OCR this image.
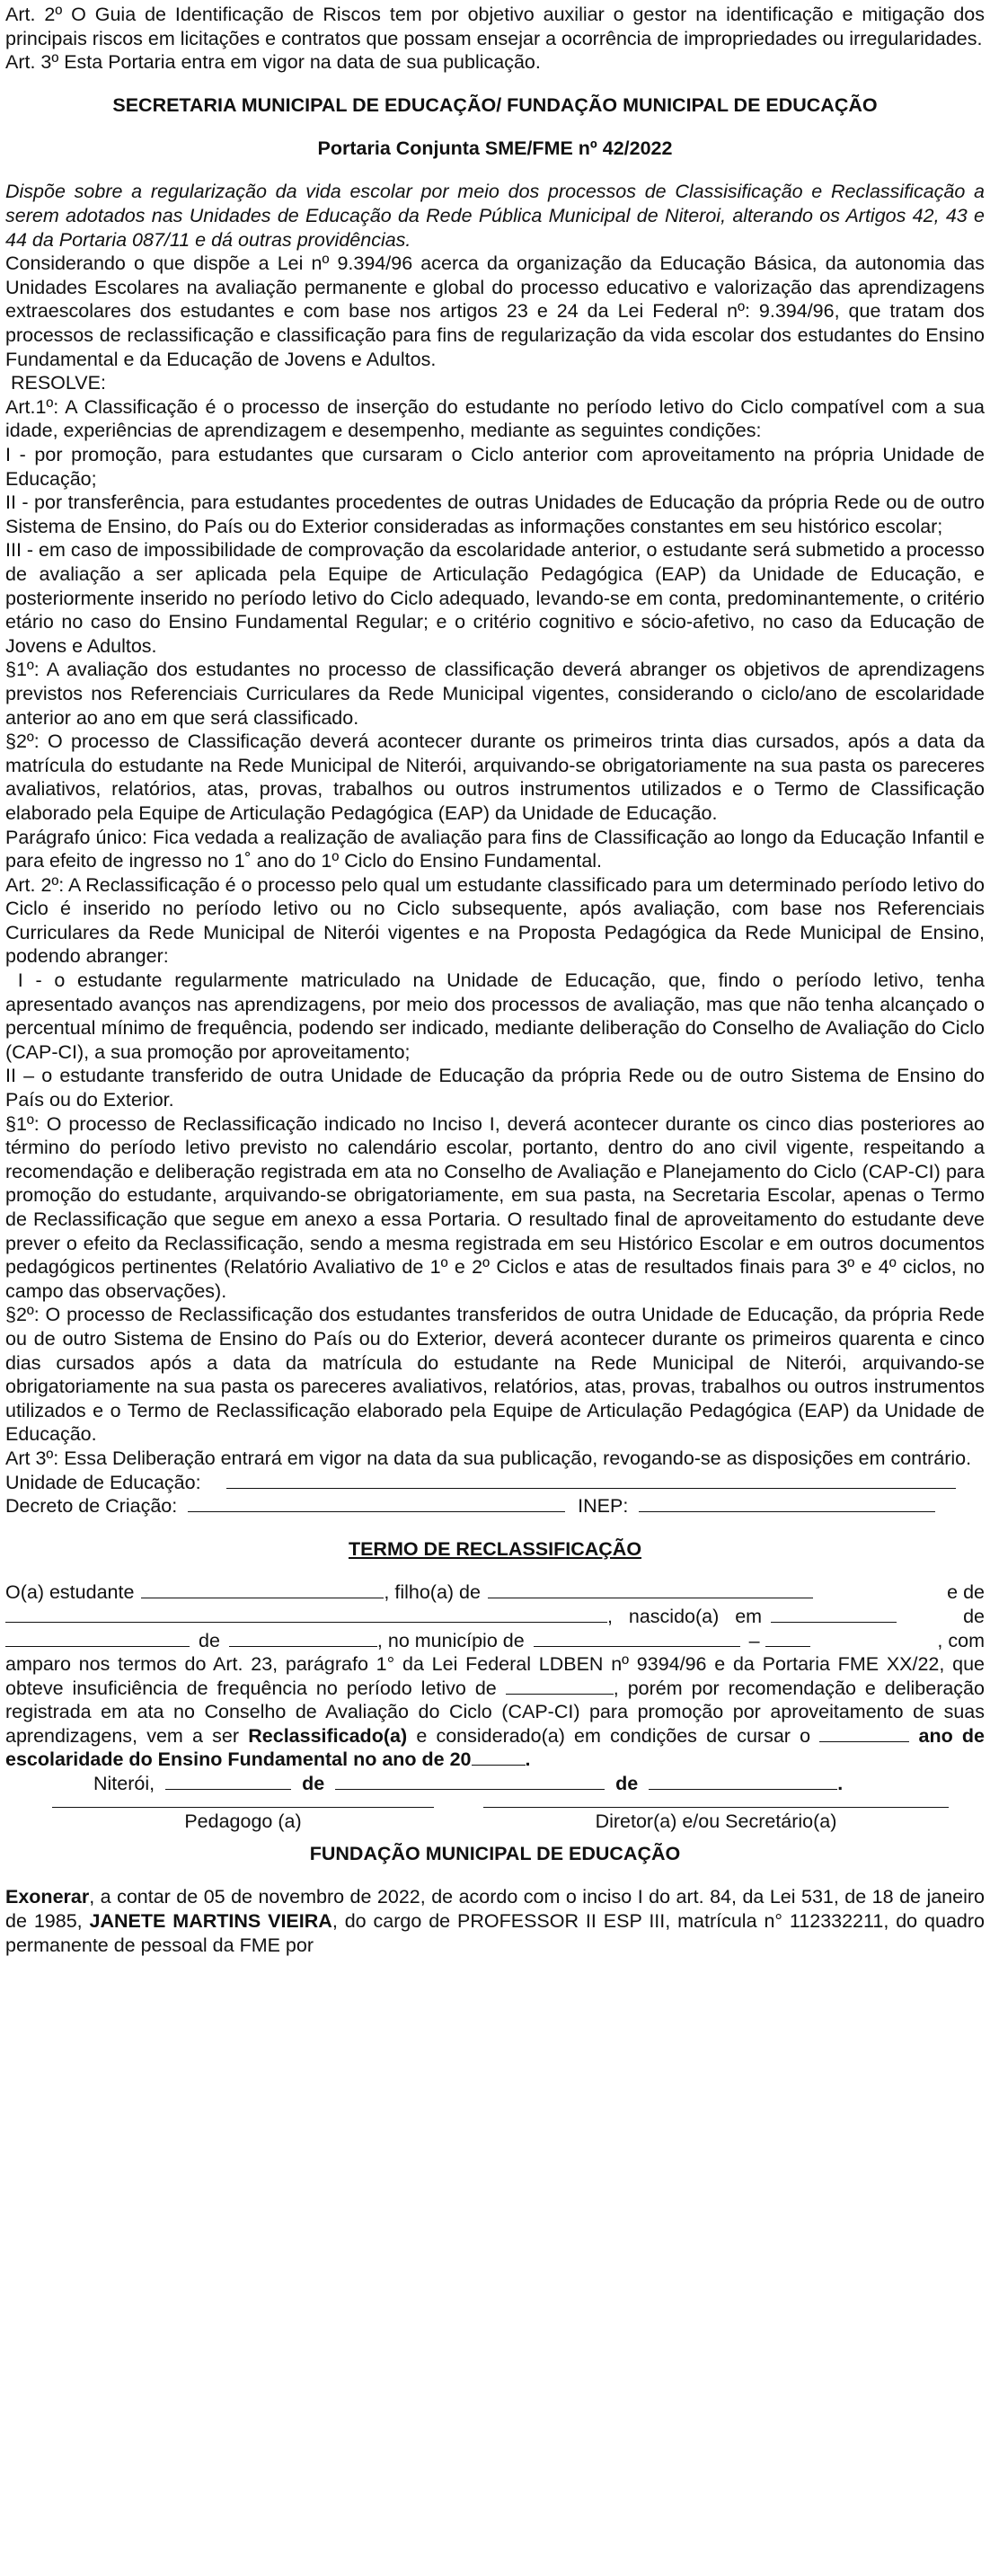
Art. 2º O Guia de Identificação de Riscos tem por objetivo auxiliar o gestor na identificação e mitigação dos principais riscos em licitações e contratos que possam ensejar a ocorrência de impropriedades ou irregularidades.

Art. 3º Esta Portaria entra em vigor na data de sua publicação.

SECRETARIA MUNICIPAL DE EDUCAÇÃO/ FUNDAÇÃO MUNICIPAL DE EDUCAÇÃO

Portaria Conjunta SME/FME nº 42/2022

Dispõe sobre a regularização da vida escolar por meio dos processos de Classisificação e Reclassificação a serem adotados nas Unidades de Educação da Rede Pública Municipal de Niteroi, alterando os Artigos 42, 43 e 44 da Portaria 087/11 e dá outras providências.

Considerando o que dispõe a Lei nº 9.394/96 acerca da organização da Educação Básica, da autonomia das Unidades Escolares na avaliação permanente e global do processo educativo e valorização das aprendizagens extraescolares dos estudantes e com base nos artigos 23 e 24 da Lei Federal nº: 9.394/96, que tratam dos processos de reclassificação e classificação para fins de regularização da vida escolar dos estudantes do Ensino Fundamental e da Educação de Jovens e Adultos.

RESOLVE:

Art.1º: A Classificação é o processo de inserção do estudante no período letivo do Ciclo compatível com a sua idade, experiências de aprendizagem e desempenho, mediante as seguintes condições:

I - por promoção, para estudantes que cursaram o Ciclo anterior com aproveitamento na própria Unidade de Educação;

II - por transferência, para estudantes procedentes de outras Unidades de Educação da própria Rede ou de outro Sistema de Ensino, do País ou do Exterior consideradas as informações constantes em seu histórico escolar;

III - em caso de impossibilidade de comprovação da escolaridade anterior, o estudante será submetido a processo de avaliação a ser aplicada pela Equipe de Articulação Pedagógica (EAP) da Unidade de Educação, e posteriormente inserido no período letivo do Ciclo adequado, levando-se em conta, predominantemente, o critério etário no caso do Ensino Fundamental Regular; e o critério cognitivo e sócio-afetivo, no caso da Educação de Jovens e Adultos.

§1º: A avaliação dos estudantes no processo de classificação deverá abranger os objetivos de aprendizagens previstos nos Referenciais Curriculares da Rede Municipal vigentes, considerando o ciclo/ano de escolaridade anterior ao ano em que será classificado.

§2º: O processo de Classificação deverá acontecer durante os primeiros trinta dias cursados, após a data da matrícula do estudante na Rede Municipal de Niterói, arquivando-se obrigatoriamente na sua pasta os pareceres avaliativos, relatórios, atas, provas, trabalhos ou outros instrumentos utilizados e o Termo de Classificação elaborado pela Equipe de Articulação Pedagógica (EAP) da Unidade de Educação.

Parágrafo único: Fica vedada a realização de avaliação para fins de Classificação ao longo da Educação Infantil e para efeito de ingresso no 1˚ ano do 1º Ciclo do Ensino Fundamental.

Art. 2º: A Reclassificação é o processo pelo qual um estudante classificado para um determinado período letivo do Ciclo é inserido no período letivo ou no Ciclo subsequente, após avaliação, com base nos Referenciais Curriculares da Rede Municipal de Niterói vigentes e na Proposta Pedagógica da Rede Municipal de Ensino, podendo abranger:

I - o estudante regularmente matriculado na Unidade de Educação, que, findo o período letivo, tenha apresentado avanços nas aprendizagens, por meio dos processos de avaliação, mas que não tenha alcançado o percentual mínimo de frequência, podendo ser indicado, mediante deliberação do Conselho de Avaliação do Ciclo (CAP-CI), a sua promoção por aproveitamento;

II – o estudante transferido de outra Unidade de Educação da própria Rede ou de outro Sistema de Ensino do País ou do Exterior.

§1º: O processo de Reclassificação indicado no Inciso I, deverá acontecer durante os cinco dias posteriores ao término do período letivo previsto no calendário escolar, portanto, dentro do ano civil vigente, respeitando a recomendação e deliberação registrada em ata no Conselho de Avaliação e Planejamento do Ciclo (CAP-CI) para promoção do estudante, arquivando-se obrigatoriamente, em sua pasta, na Secretaria Escolar, apenas o Termo de Reclassificação que segue em anexo a essa Portaria. O resultado final de aproveitamento do estudante deve prever o efeito da Reclassificação, sendo a mesma registrada em seu Histórico Escolar e em outros documentos pedagógicos pertinentes (Relatório Avaliativo de 1º e 2º Ciclos e atas de resultados finais para 3º e 4º ciclos, no campo das observações).

§2º: O processo de Reclassificação dos estudantes transferidos de outra Unidade de Educação, da própria Rede ou de outro Sistema de Ensino do País ou do Exterior, deverá acontecer durante os primeiros quarenta e cinco dias cursados após a data da matrícula do estudante na Rede Municipal de Niterói, arquivando-se obrigatoriamente na sua pasta os pareceres avaliativos, relatórios, atas, provas, trabalhos ou outros instrumentos utilizados e o Termo de Reclassificação elaborado pela Equipe de Articulação Pedagógica (EAP) da Unidade de Educação.

Art 3º: Essa Deliberação entrará em vigor na data da sua publicação, revogando-se as disposições em contrário.

Unidade de Educação:

Decreto de Criação:	INEP:

TERMO DE RECLASSIFICAÇÃO

O(a) estudante	, filho(a) de	e de

,   nascido(a)   em	de

de	, no município de	–	, com

amparo nos termos do Art. 23, parágrafo 1° da Lei Federal LDBEN nº 9394/96 e da Portaria FME XX/22, que obteve insuficiência de frequência no período letivo de	, porém por recomendação e deliberação registrada em ata no Conselho de Avaliação do Ciclo (CAP-CI) para promoção por aproveitamento de suas aprendizagens, vem a ser Reclassificado(a) e considerado(a) em condições de cursar o	ano de escolaridade do Ensino Fundamental no ano de 20	.

Niterói,	de	de	.

Pedagogo (a)	Diretor(a) e/ou Secretário(a)

FUNDAÇÃO MUNICIPAL DE EDUCAÇÃO

Exonerar, a contar de 05 de novembro de 2022, de acordo com o inciso I do art. 84, da Lei 531, de 18 de janeiro de 1985, JANETE MARTINS VIEIRA, do cargo de PROFESSOR II ESP III, matrícula n° 112332211, do quadro permanente de pessoal da FME por
